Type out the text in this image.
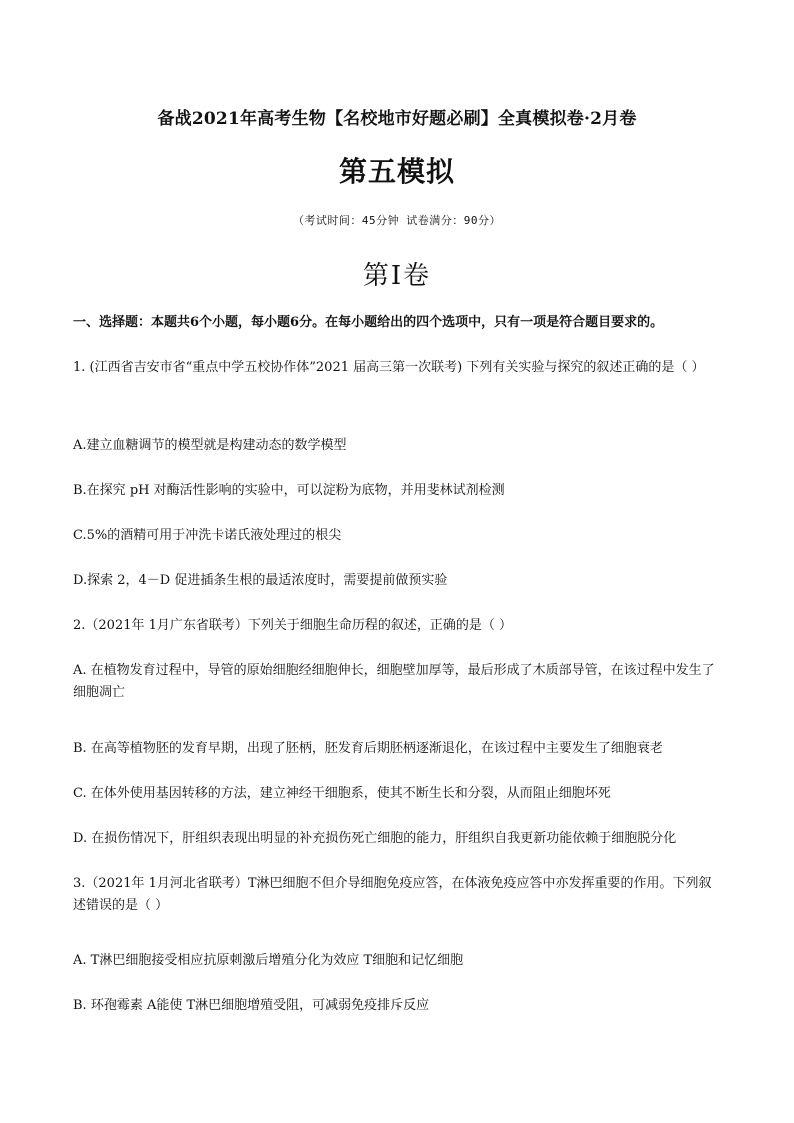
备战2021年高考生物【名校地市好题必刷】全真模拟卷·2月卷
第五模拟
（考试时间：45分钟 试卷满分：90分）
第Ⅰ卷
一、选择题：本题共6个小题，每小题6分。在每小题给出的四个选项中，只有一项是符合题目要求的。
1. (江西省吉安市省“重点中学五校协作体”2021 届高三第一次联考) 下列有关实验与探究的叙述正确的是（ ）
A.建立血糖调节的模型就是构建动态的数学模型
B.在探究 pH 对酶活性影响的实验中，可以淀粉为底物，并用斐林试剂检测
C.5%的酒精可用于冲洗卡诺氏液处理过的根尖
D.探索 2，4－D 促进插条生根的最适浓度时，需要提前做预实验
2.（2021年 1月广东省联考）下列关于细胞生命历程的叙述，正确的是（ ）
A. 在植物发育过程中，导管的原始细胞经细胞伸长，细胞壁加厚等，最后形成了木质部导管，在该过程中发生了细胞凋亡
B. 在高等植物胚的发育早期，出现了胚柄，胚发育后期胚柄逐渐退化，在该过程中主要发生了细胞衰老
C. 在体外使用基因转移的方法，建立神经干细胞系，使其不断生长和分裂，从而阻止细胞坏死
D. 在损伤情况下，肝组织表现出明显的补充损伤死亡细胞的能力，肝组织自我更新功能依赖于细胞脱分化
3.（2021年 1月河北省联考）T淋巴细胞不但介导细胞免疫应答，在体液免疫应答中亦发挥重要的作用。下列叙述错误的是（ ）
A. T淋巴细胞接受相应抗原刺激后增殖分化为效应 T细胞和记忆细胞
B. 环孢霉素 A能使 T淋巴细胞增殖受阻，可减弱免疫排斥反应
